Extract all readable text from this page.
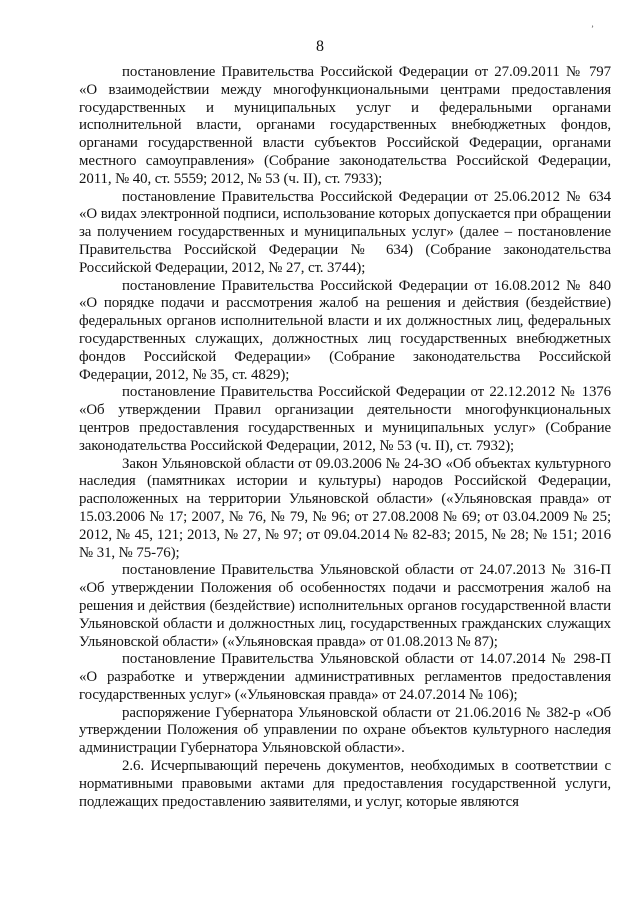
’
8

постановление Правительства Российской Федерации от 27.09.2011 № 797 «О взаимодействии между многофункциональными центрами предоставления государственных и муниципальных услуг и федеральными органами исполнительной власти, органами государственных внебюджетных фондов, органами государственной власти субъектов Российской Федерации, органами местного самоуправления» (Собрание законодательства Российской Федерации, 2011, № 40, ст. 5559; 2012, № 53 (ч. II), ст. 7933);

постановление Правительства Российской Федерации от 25.06.2012 № 634 «О видах электронной подписи, использование которых допускается при обращении за получением государственных и муниципальных услуг» (далее – постановление Правительства Российской Федерации № 634) (Собрание законодательства Российской Федерации, 2012, № 27, ст. 3744);

постановление Правительства Российской Федерации от 16.08.2012 № 840 «О порядке подачи и рассмотрения жалоб на решения и действия (бездействие) федеральных органов исполнительной власти и их должностных лиц, федеральных государственных служащих, должностных лиц государственных внебюджетных фондов Российской Федерации» (Собрание законодательства Российской Федерации, 2012, № 35, ст. 4829);

постановление Правительства Российской Федерации от 22.12.2012 № 1376 «Об утверждении Правил организации деятельности многофункциональных центров предоставления государственных и муниципальных услуг» (Собрание законодательства Российской Федерации, 2012, № 53 (ч. II), ст. 7932);

Закон Ульяновской области от 09.03.2006 № 24-ЗО «Об объектах культурного наследия (памятниках истории и культуры) народов Российской Федерации, расположенных на территории Ульяновской области» («Ульяновская правда» от 15.03.2006 № 17; 2007, № 76, № 79, № 96; от 27.08.2008 № 69; от 03.04.2009 № 25; 2012, № 45, 121; 2013, № 27, № 97; от 09.04.2014 № 82-83; 2015, № 28; № 151; 2016 № 31, № 75-76);

постановление Правительства Ульяновской области от 24.07.2013 № 316-П «Об утверждении Положения об особенностях подачи и рассмотрения жалоб на решения и действия (бездействие) исполнительных органов государственной власти Ульяновской области и должностных лиц, государственных гражданских служащих Ульяновской области» («Ульяновская правда» от 01.08.2013 № 87);

постановление Правительства Ульяновской области от 14.07.2014 № 298-П «О разработке и утверждении административных регламентов предоставления государственных услуг» («Ульяновская правда» от 24.07.2014 № 106);

распоряжение Губернатора Ульяновской области от 21.06.2016 № 382-р «Об утверждении Положения об управлении по охране объектов культурного наследия администрации Губернатора Ульяновской области».

2.6. Исчерпывающий перечень документов, необходимых в соответствии с нормативными правовыми актами для предоставления государственной услуги, подлежащих предоставлению заявителями, и услуг, которые являются
